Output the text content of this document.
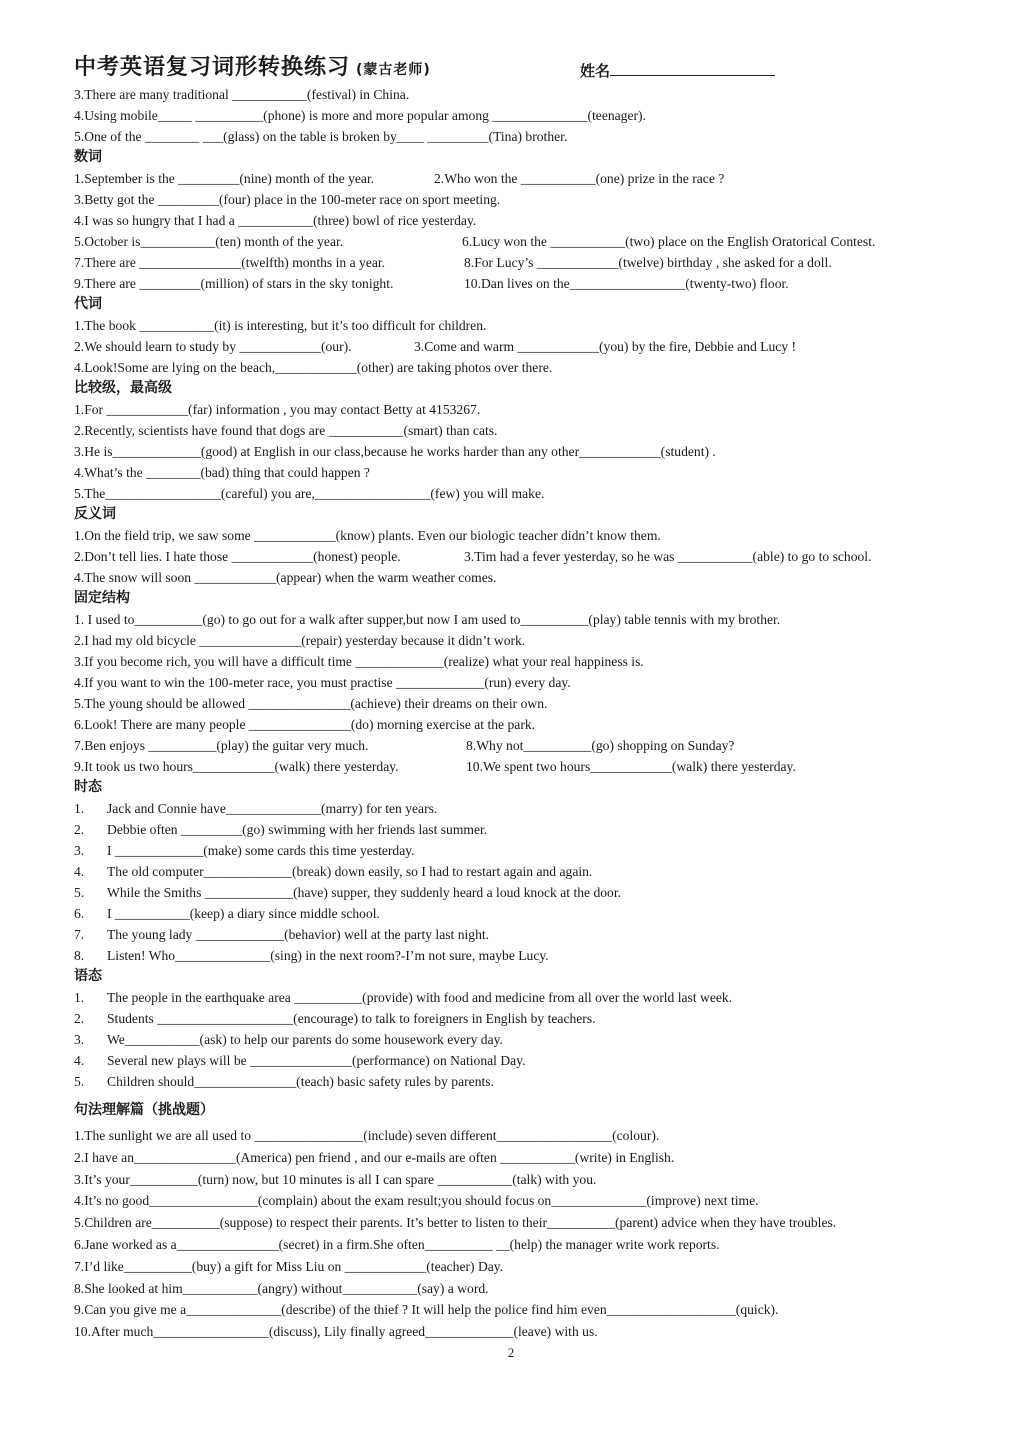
中考英语复习词形转换练习 (蒙古老师)	姓名
3.There are many traditional ___________(festival) in China.
4.Using mobile_____ __________(phone) is more and more popular among ______________(teenager).
5.One of the ________ ___(glass) on the table is broken by____ _________(Tina) brother.
数词
1.September is the _________(nine) month of the year.	2.Who won the ___________(one) prize in the race ?
3.Betty got the _________(four) place in the 100-meter race on sport meeting.
4.I was so hungry that I had a ___________(three) bowl of rice yesterday.
5.October is___________(ten) month of the year.	6.Lucy won the ___________(two) place on the English Oratorical Contest.
7.There are _______________(twelfth) months in a year.	8.For Lucy’s ____________(twelve) birthday , she asked for a doll.
9.There are _________(million) of stars in the sky tonight.	10.Dan lives on the_________________(twenty-two) floor.
代词
1.The book ___________(it) is interesting, but it’s too difficult for children.
2.We should learn to study by ____________(our).	3.Come and warm ____________(you) by the fire, Debbie and Lucy !
4.Look!Some are lying on the beach,____________(other) are taking photos over there.
比较级，最高级
1.For ____________(far) information , you may contact Betty at 4153267.
2.Recently, scientists have found that dogs are ___________(smart) than cats.
3.He is_____________(good) at English in our class,because he works harder than any other____________(student) .
4.What’s the ________(bad) thing that could happen ?
5.The_________________(careful) you are,_________________(few) you will make.
反义词
1.On the field trip, we saw some ____________(know) plants. Even our biologic teacher didn’t know them.
2.Don’t tell lies. I hate those ____________(honest) people.	3.Tim had a fever yesterday, so he was ___________(able) to go to school.
4.The snow will soon ____________(appear) when the warm weather comes.
固定结构
1. I used to__________(go) to go out for a walk after supper,but now I am used to__________(play) table tennis with my brother.
2.I had my old bicycle _______________(repair) yesterday because it didn’t work.
3.If you become rich, you will have a difficult time _____________(realize) what your real happiness is.
4.If you want to win the 100-meter race, you must practise _____________(run) every day.
5.The young should be allowed _______________(achieve) their dreams on their own.
6.Look! There are many people _______________(do) morning exercise at the park.
7.Ben enjoys __________(play) the guitar very much.	8.Why not__________(go) shopping on Sunday?
9.It took us two hours____________(walk) there yesterday.	10.We spent two hours____________(walk) there yesterday.
时态
1. Jack and Connie have______________(marry) for ten years.
2. Debbie often _________(go) swimming with her friends last summer.
3. I _____________(make) some cards this time yesterday.
4. The old computer_____________(break) down easily, so I had to restart again and again.
5. While the Smiths _____________(have) supper, they suddenly heard a loud knock at the door.
6. I ___________(keep) a diary since middle school.
7. The young lady _____________(behavior) well at the party last night.
8. Listen! Who______________(sing) in the next room?-I’m not sure, maybe Lucy.
语态
1. The people in the earthquake area __________(provide) with food and medicine from all over the world last week.
2. Students ____________________(encourage) to talk to foreigners in English by teachers.
3. We___________(ask) to help our parents do some housework every day.
4. Several new plays will be _______________(performance) on National Day.
5. Children should_______________(teach) basic safety rules by parents.
句法理解篇（挑战题）
1.The sunlight we are all used to ________________(include) seven different_________________(colour).
2.I have an_______________(America) pen friend , and our e-mails are often ___________(write) in English.
3.It’s your__________(turn) now, but 10 minutes is all I can spare ___________(talk) with you.
4.It’s no good________________(complain) about the exam result;you should focus on______________(improve) next time.
5.Children are__________(suppose) to respect their parents. It’s better to listen to their__________(parent) advice when they have troubles.
6.Jane worked as a_______________(secret) in a firm.She often__________ __(help) the manager write work reports.
7.I’d like__________(buy) a gift for Miss Liu on ____________(teacher) Day.
8.She looked at him___________(angry) without___________(say) a word.
9.Can you give me a______________(describe) of the thief ? It will help the police find him even___________________(quick).
10.After much_________________(discuss), Lily finally agreed_____________(leave) with us.
2
